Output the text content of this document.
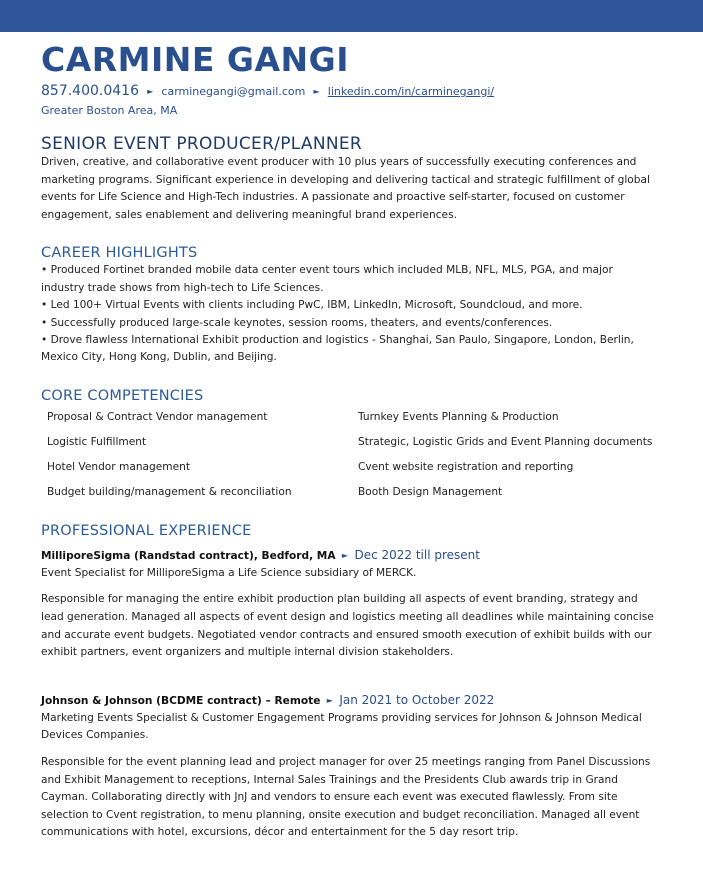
CARMINE GANGI
857.400.0416 ► carminegangi@gmail.com ► linkedin.com/in/carminegangi/
Greater Boston Area, MA
SENIOR EVENT PRODUCER/PLANNER
Driven, creative, and collaborative event producer with 10 plus years of successfully executing conferences and
marketing programs. Significant experience in developing and delivering tactical and strategic fulfillment of global
events for Life Science and High-Tech industries. A passionate and proactive self-starter, focused on customer
engagement, sales enablement and delivering meaningful brand experiences.
CAREER HIGHLIGHTS
• Produced Fortinet branded mobile data center event tours which included MLB, NFL, MLS, PGA, and major
industry trade shows from high-tech to Life Sciences.
• Led 100+ Virtual Events with clients including PwC, IBM, LinkedIn, Microsoft, Soundcloud, and more.
• Successfully produced large-scale keynotes, session rooms, theaters, and events/conferences.
• Drove flawless International Exhibit production and logistics - Shanghai, San Paulo, Singapore, London, Berlin,
Mexico City, Hong Kong, Dublin, and Beijing.
CORE COMPETENCIES
Proposal & Contract Vendor management	Turnkey Events Planning & Production
Logistic Fulfillment	Strategic, Logistic Grids and Event Planning documents
Hotel Vendor management	Cvent website registration and reporting
Budget building/management & reconciliation	Booth Design Management
PROFESSIONAL EXPERIENCE
MilliporeSigma (Randstad contract), Bedford, MA ► Dec 2022 till present
Event Specialist for MilliporeSigma a Life Science subsidiary of MERCK.
Responsible for managing the entire exhibit production plan building all aspects of event branding, strategy and
lead generation. Managed all aspects of event design and logistics meeting all deadlines while maintaining concise
and accurate event budgets. Negotiated vendor contracts and ensured smooth execution of exhibit builds with our
exhibit partners, event organizers and multiple internal division stakeholders.
Johnson & Johnson (BCDME contract) – Remote ► Jan 2021 to October 2022
Marketing Events Specialist & Customer Engagement Programs providing services for Johnson & Johnson Medical
Devices Companies.
Responsible for the event planning lead and project manager for over 25 meetings ranging from Panel Discussions
and Exhibit Management to receptions, Internal Sales Trainings and the Presidents Club awards trip in Grand
Cayman. Collaborating directly with JnJ and vendors to ensure each event was executed flawlessly. From site
selection to Cvent registration, to menu planning, onsite execution and budget reconciliation. Managed all event
communications with hotel, excursions, décor and entertainment for the 5 day resort trip.
